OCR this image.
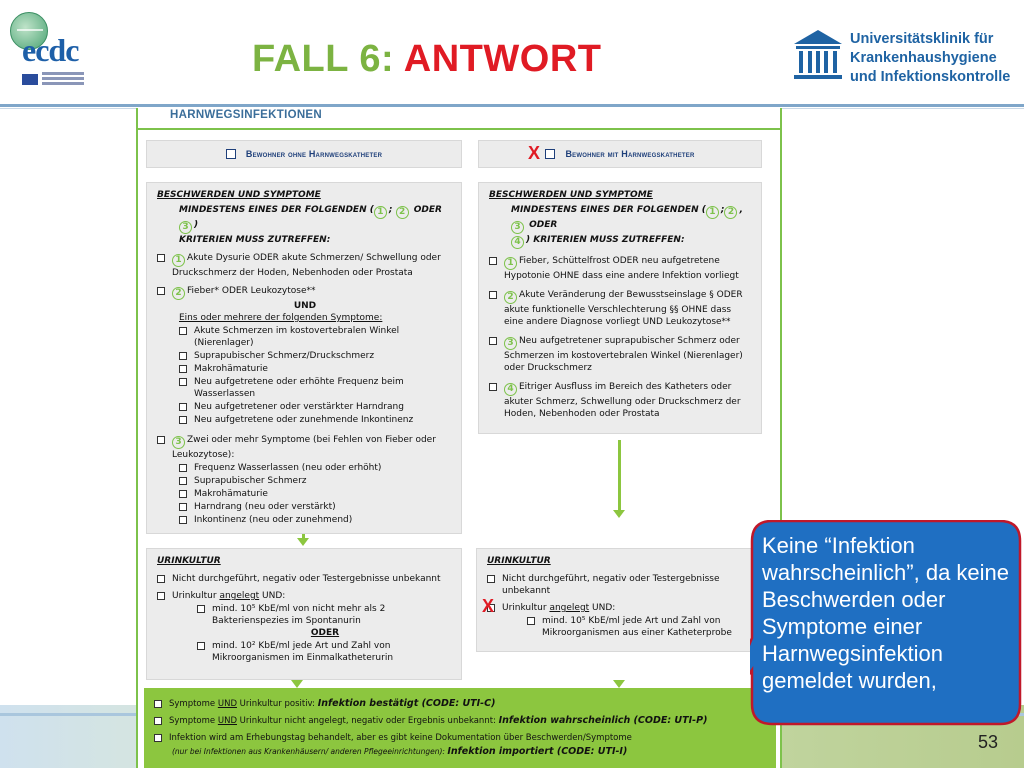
ecdc	FALL 6: ANTWORT	Universitätsklinik für
Krankenhaushygiene
und Infektionskontrolle
HARNWEGSINFEKTIONEN
Bewohner ohne Harnwegskatheter	Bewohner mit Harnwegskatheter
X
BESCHWERDEN UND SYMPTOME
MINDESTENS EINES DER FOLGENDEN ( 1 ; 2 ODER 3 )
KRITERIEN MUSS ZUTREFFEN:
1 Akute Dysurie ODER akute Schmerzen/ Schwellung oder Druckschmerz der Hoden, Nebenhoden oder Prostata
2 Fieber* ODER Leukozytose**
UND
Eins oder mehrere der folgenden Symptome:
Akute Schmerzen im kostovertebralen Winkel (Nierenlager)
Suprapubischer Schmerz/Druckschmerz
Makrohämaturie
Neu aufgetretene oder erhöhte Frequenz beim Wasserlassen
Neu aufgetretener oder verstärkter Harndrang
Neu aufgetretene oder zunehmende Inkontinenz
3 Zwei oder mehr Symptome (bei Fehlen von Fieber oder Leukozytose):
Frequenz Wasserlassen (neu oder erhöht)
Suprapubischer Schmerz
Makrohämaturie
Harndrang (neu oder verstärkt)
Inkontinenz (neu oder zunehmend)
BESCHWERDEN UND SYMPTOME
MINDESTENS EINES DER FOLGENDEN ( 1 ; 2 , 3 ODER
4 ) KRITERIEN MUSS ZUTREFFEN:
1 Fieber, Schüttelfrost ODER neu aufgetretene Hypotonie OHNE dass eine andere Infektion vorliegt
2 Akute Veränderung der Bewusstseinslage § ODER akute funktionelle Verschlechterung §§ OHNE dass eine andere Diagnose vorliegt UND Leukozytose**
3 Neu aufgetretener suprapubischer Schmerz oder Schmerzen im kostovertebralen Winkel (Nierenlager) oder Druckschmerz
4 Eitriger Ausfluss im Bereich des Katheters oder akuter Schmerz, Schwellung oder Druckschmerz der Hoden, Nebenhoden oder Prostata
URINKULTUR
Nicht durchgeführt, negativ oder Testergebnisse unbekannt
Urinkultur angelegt UND:
mind. 10⁵ KbE/ml von nicht mehr als 2 Bakterienspezies im Spontanurin
ODER
mind. 10² KbE/ml jede Art und Zahl von Mikroorganismen im Einmalkatheterurin
URINKULTUR
Nicht durchgeführt, negativ oder Testergebnisse unbekannt
Urinkultur angelegt UND:
mind. 10⁵ KbE/ml jede Art und Zahl von Mikroorganismen aus einer Katheterprobe
X
Symptome UND Urinkultur positiv: Infektion bestätigt (CODE: UTI-C)
Symptome UND Urinkultur nicht angelegt, negativ oder Ergebnis unbekannt: Infektion wahrscheinlich (CODE: UTI-P)
Infektion wird am Erhebungstag behandelt, aber es gibt keine Dokumentation über Beschwerden/Symptome
(nur bei Infektionen aus Krankenhäusern/ anderen Pflegeeinrichtungen): Infektion importiert (CODE: UTI-I)
Keine “Infektion wahrscheinlich”, da keine Beschwerden oder Symptome einer Harnwegsinfektion gemeldet wurden,
53
